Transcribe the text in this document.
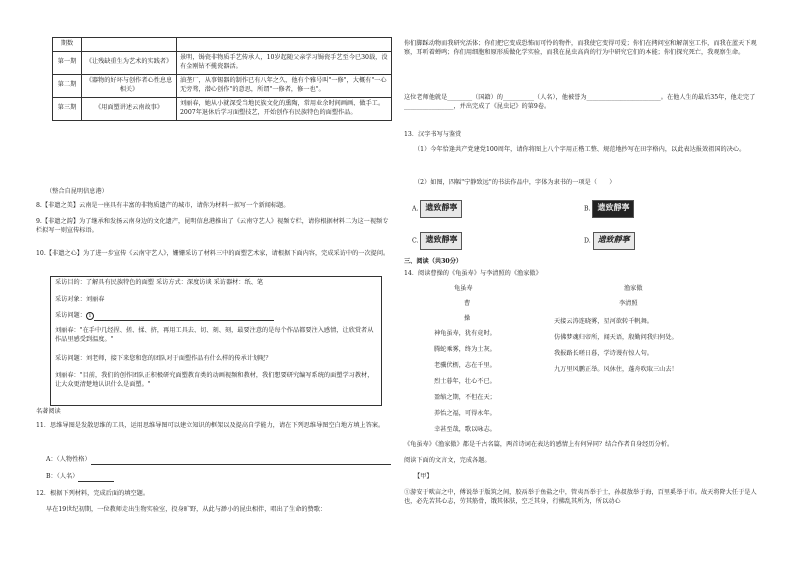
期数		
第一期	《让残缺重生为艺术的实践者》	景明，锔瓷非物质手艺传承人，10岁起随父亲学习锔瓷手艺至今已30载，没有金刚钻不揽瓷器活。
第二期	《器物的好坏与创作者心性息息相关》	油垄厂，从事锡器的制作已有八年之久，他有个雅号叫"一修"，大概有"一心无旁骛，潜心创作"的意思，所谓"一修者，修一也"。
第三期	《用面塑讲述云南故事》	刘丽春，她从小就深受当地民族文化的熏陶，常用业余时间画画、做手工。2007年退休后学习面塑技艺，开始创作有民族特色的面塑作品。
（整合自昆明信息港）
8.【非遗之美】云南是一座具有丰富的非物质遗产的城市，请你为材料一拟写一个新闻标题。
9.【非遗之韵】为了继承和发扬云南身边的文化遗产，昆明信息港推出了《云南守艺人》视频专栏，请你根据材料二为这一视频专栏拟写一则宣传标语。
10.【非遗之心】为了进一步宣传《云南守艺人》，姗姗采访了材料三中的面塑艺术家，请根据下面内容，完成采访中的一次提问。
采访目的：了解具有民族特色的面塑 采访方式：深度访谈 采访器材：纸、笔
采访对象：刘丽春
采访问题： 1
刘丽春："在手中几经捏、搓、揉、挤，再用工具去、切、刻、刻，最要注意的是每个作品都要注入感情，让欣赏者从作品里感受到温度。"
采访问题：刘老师，接下来您和您的团队对于面塑作品有什么样的传承计划呢？
刘丽春："目前，我们的创作团队正积极研究面塑教育类的动画视频和教材，我们想要研究编写系统的面塑学习教材，让大众更清楚地认识什么是面塑。"
名著阅读
11．思维导图是发散思维的工具，运用思维导图可以建立知识的框架以及提高自学能力，请在下列思维导图空白地方填上答案。
A：（人物性格）
B：（人名）
12．根据下列材料，完成后面的填空题。
早在19世纪初期，一位教师走出生物实验室，投身旷野，从此与渺小的昆虫相伴，唱出了生命的赞歌：
你们脚踩动物而我研究活体；你们把它变成恐怖而可怜的物件，而我使它变得可爱；你们在拷问室和解剖室工作，而我在蓝天下观察，耳听着蝉鸣；你们用细胞和原形质做化学实验，而我在昆虫高尚的行为中研究它们的本能；你们探究死亡，我观察生命。
这位老师他就是________（国籍）的__________（人名），他被誉为________________________。在他人生的最后35年，他走完了________________，并出完成了《昆虫记》的第9卷。
13．汉字书写与鉴赏
（1）今年恰逢共产党建党100周年，请你将图上八个字用正楷工整、规范地抄写在田字格内，以此表达报效祖国的决心。
（2）如图，四幅"宁静致远"的书法作品中，字体为隶书的一项是（　　）
A. 遗致靜寧	B. 遗致靜寧
C. 遗致靜寧	D. 遗致靜寧
三、阅读（共30分）
14．阅读曹操的《龟虽寿》与李清照的《渔家傲》
龟虽寿
曹
操
神龟虽寿，犹有竟时。
腾蛇乘雾，终为土灰。
老骥伏枥，志在千里。
烈士暮年，壮心不已。
盈缩之期，不但在天；
养怡之福，可得永年。
幸甚至哉，歌以咏志。
渔家傲
李清照
天接云涛连晓雾，星河欲转千帆舞。
仿佛梦魂归帝所，闻天语，殷勤问我归何处。
我报路长嗟日暮，学诗谩有惊人句。
九万里风鹏正举。风休住，蓬舟吹取三山去！
《龟虽寿》《渔家傲》都是千古名篇，两首诗词在表达的感情上有何异同？结合作者自身经历分析。
阅读下面的文言文，完成各题。
【甲】
①游安于畎亩之中，傅说举于版筑之间，胶鬲举于鱼盐之中，管夷吾举于士，孙叔敖举于海，百里奚举于市。故天将降大任于是人也，必先苦其心志，劳其筋骨，饿其体肤，空乏其身，行拂乱其所为，所以动心
